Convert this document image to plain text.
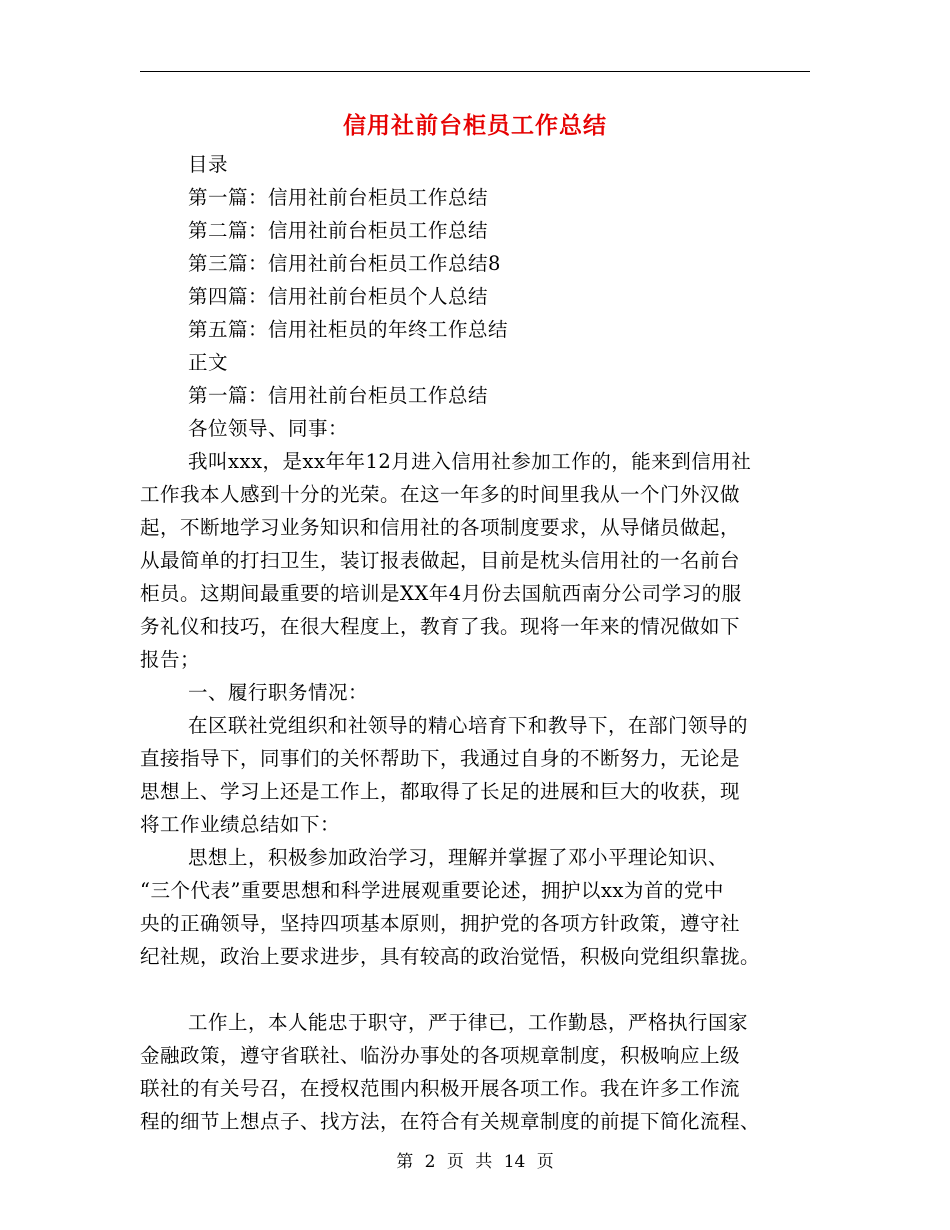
信用社前台柜员工作总结
目录
第一篇：信用社前台柜员工作总结
第二篇：信用社前台柜员工作总结
第三篇：信用社前台柜员工作总结8
第四篇：信用社前台柜员个人总结
第五篇：信用社柜员的年终工作总结
正文
第一篇：信用社前台柜员工作总结
各位领导、同事：
我叫xxx，是xx年年12月进入信用社参加工作的，能来到信用社
工作我本人感到十分的光荣。在这一年多的时间里我从一个门外汉做
起，不断地学习业务知识和信用社的各项制度要求，从导储员做起，
从最简单的打扫卫生，装订报表做起，目前是枕头信用社的一名前台
柜员。这期间最重要的培训是XX年4月份去国航西南分公司学习的服
务礼仪和技巧，在很大程度上，教育了我。现将一年来的情况做如下
报告；
一、履行职务情况：
在区联社党组织和社领导的精心培育下和教导下，在部门领导的
直接指导下，同事们的关怀帮助下，我通过自身的不断努力，无论是
思想上、学习上还是工作上，都取得了长足的进展和巨大的收获，现
将工作业绩总结如下：
思想上，积极参加政治学习，理解并掌握了邓小平理论知识、
“三个代表”重要思想和科学进展观重要论述，拥护以xx为首的党中
央的正确领导，坚持四项基本原则，拥护党的各项方针政策，遵守社
纪社规，政治上要求进步，具有较高的政治觉悟，积极向党组织靠拢。
工作上，本人能忠于职守，严于律已，工作勤恳，严格执行国家
金融政策，遵守省联社、临汾办事处的各项规章制度，积极响应上级
联社的有关号召，在授权范围内积极开展各项工作。我在许多工作流
程的细节上想点子、找方法，在符合有关规章制度的前提下简化流程、
第 2 页 共 14 页
